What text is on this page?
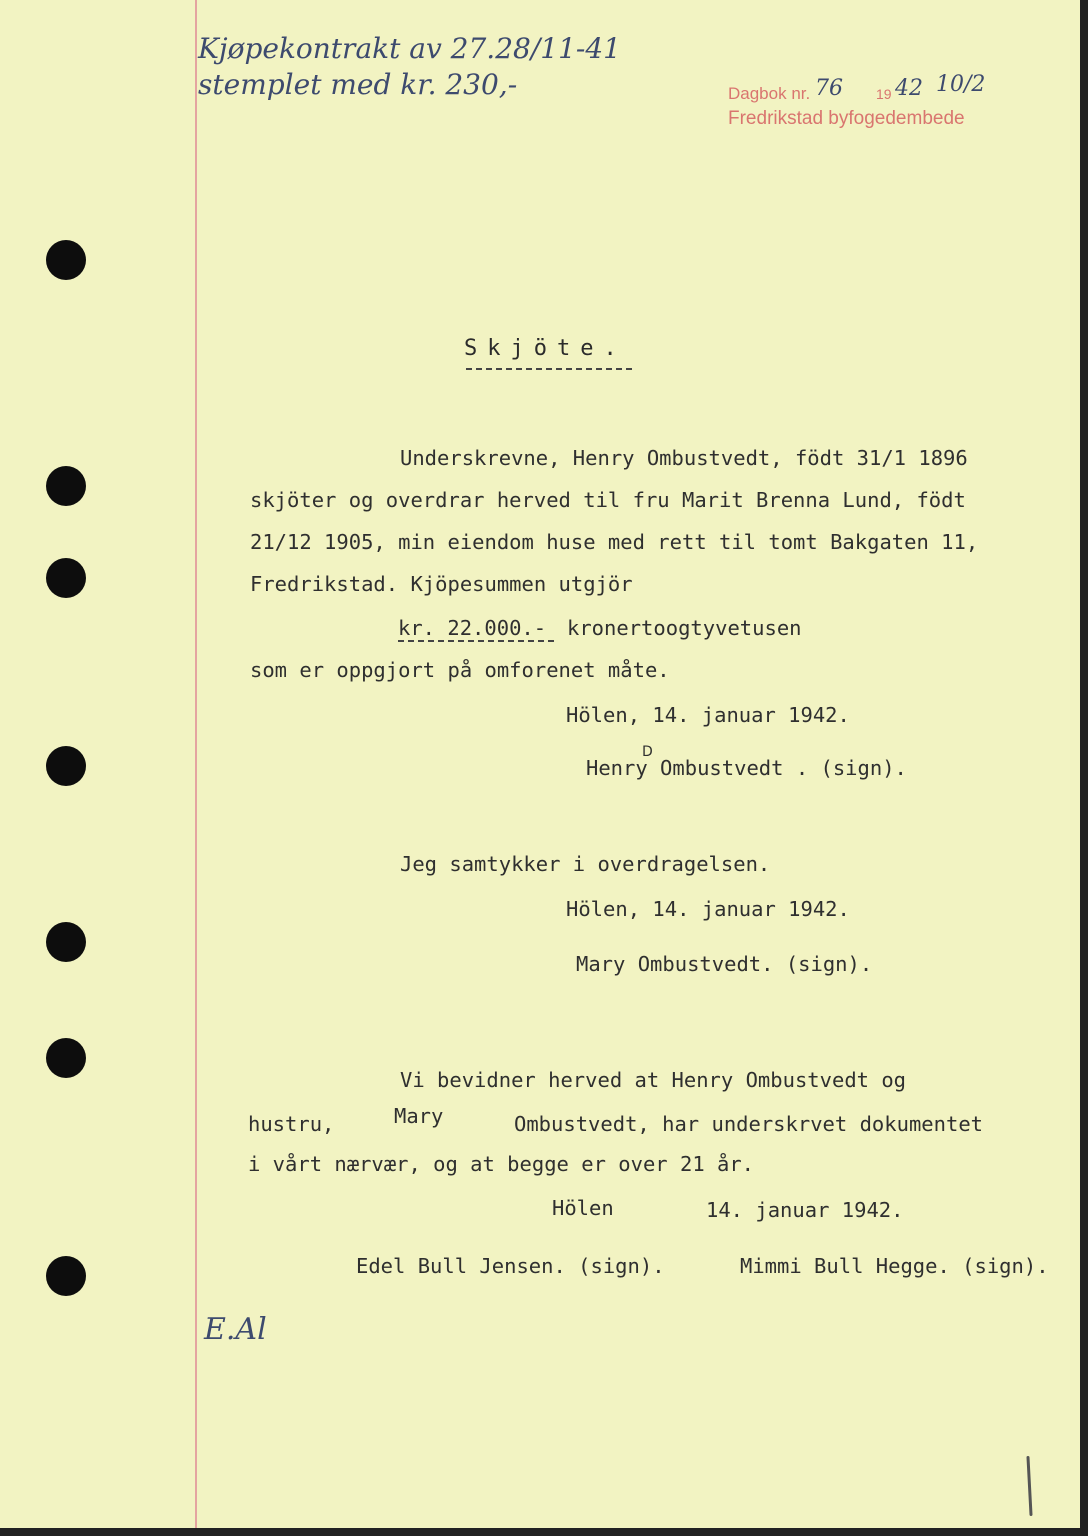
Kjøpekontrakt av 27.28/11-41
stemplet med kr. 230,-	Dagbok nr. 76 19 42 10/2
Fredrikstad byfogedembede
Skjöte.
Underskrevne, Henry Ombustvedt, födt 31/1 1896
skjöter og overdrar herved til fru Marit Brenna Lund, födt
21/12 1905, min eiendom huse med rett til tomt Bakgaten 11,
Fredrikstad. Kjöpesummen utgjör
kr. 22.000.- kronertoogtyvetusen
som er oppgjort på omforenet måte.
Hölen, 14. januar 1942.
D
Henry Ombustvedt . (sign).
Jeg samtykker i overdragelsen.
Hölen, 14. januar 1942.
Mary Ombustvedt. (sign).
Vi bevidner herved at Henry Ombustvedt og
hustru,	Mary	Ombustvedt, har underskrvet dokumentet
i vårt nærvær, og at begge er over 21 år.
Hölen	14. januar 1942.
Edel Bull Jensen. (sign).	Mimmi Bull Hegge. (sign).
E.Al
